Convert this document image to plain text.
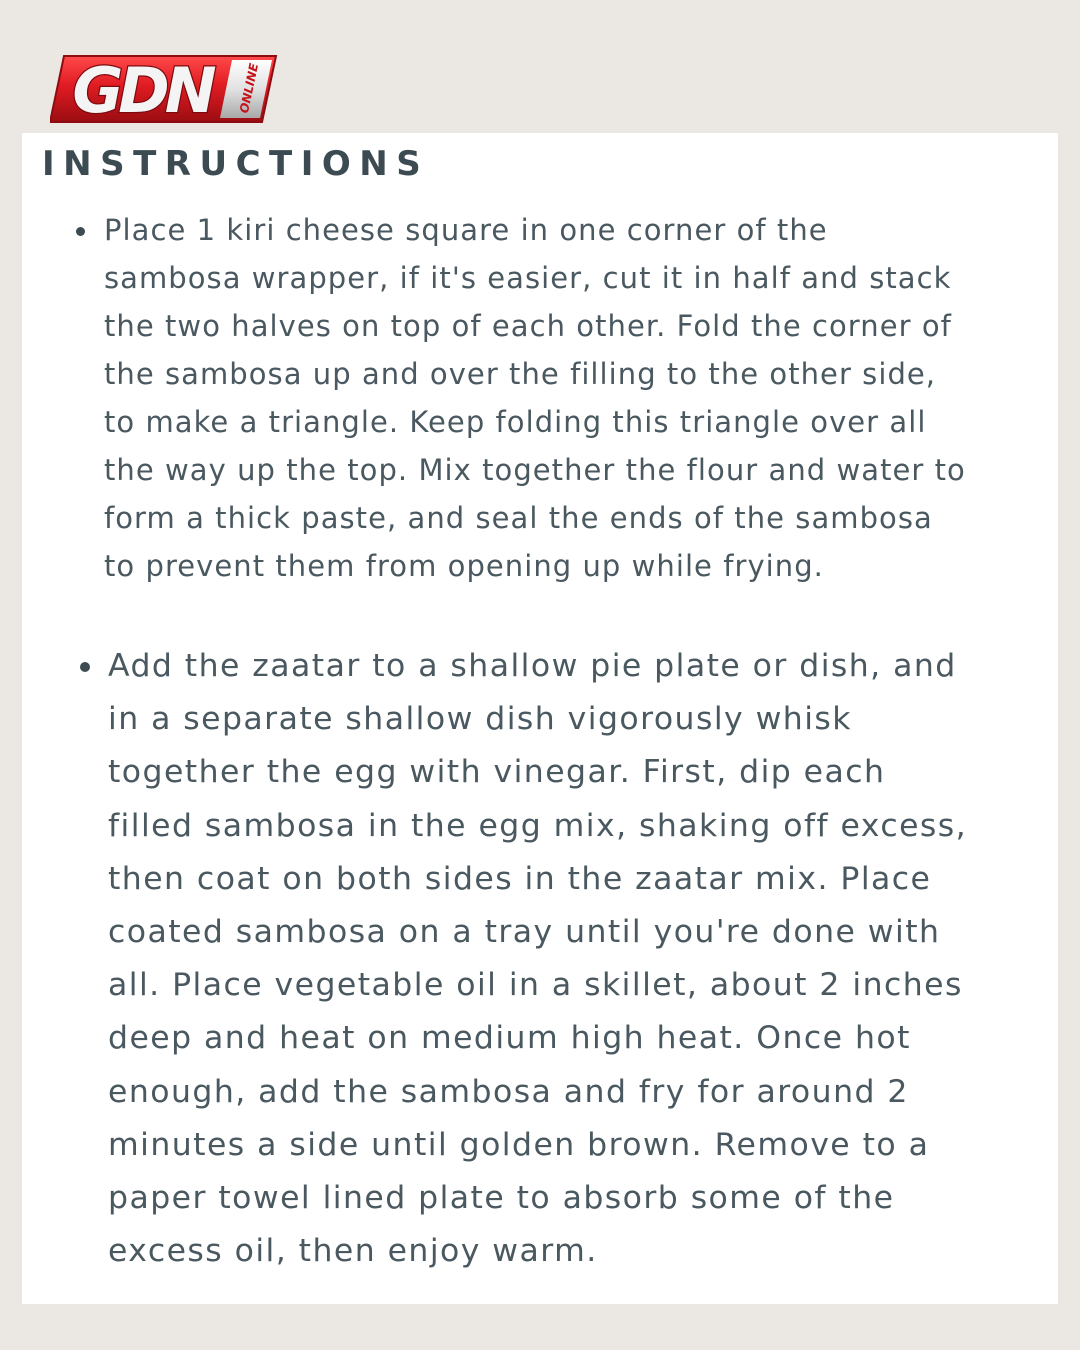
GDN	ONLINE
INSTRUCTIONS
Place 1 kiri cheese square in one corner of the
sambosa wrapper, if it's easier, cut it in half and stack
the two halves on top of each other. Fold the corner of
the sambosa up and over the filling to the other side,
to make a triangle. Keep folding this triangle over all
the way up the top. Mix together the flour and water to
form a thick paste, and seal the ends of the sambosa
to prevent them from opening up while frying.
Add the zaatar to a shallow pie plate or dish, and
in a separate shallow dish vigorously whisk
together the egg with vinegar. First, dip each
filled sambosa in the egg mix, shaking off excess,
then coat on both sides in the zaatar mix. Place
coated sambosa on a tray until you're done with
all. Place vegetable oil in a skillet, about 2 inches
deep and heat on medium high heat. Once hot
enough, add the sambosa and fry for around 2
minutes a side until golden brown. Remove to a
paper towel lined plate to absorb some of the
excess oil, then enjoy warm.
